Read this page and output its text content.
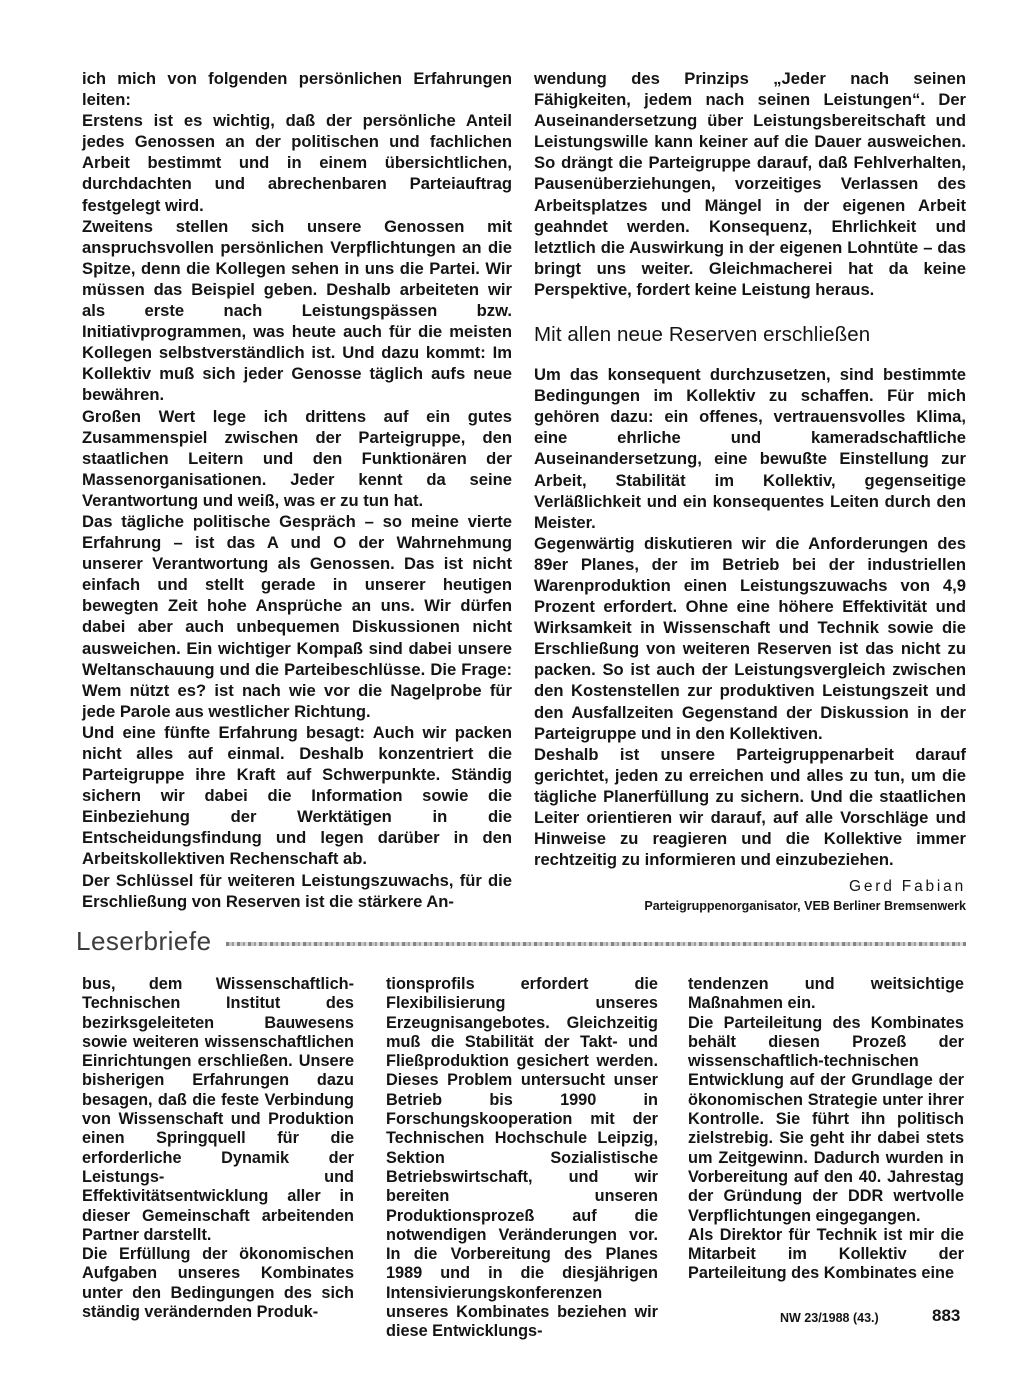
ich mich von folgenden persönlichen Erfahrungen leiten:

Erstens ist es wichtig, daß der persönliche Anteil jedes Genossen an der politischen und fachlichen Arbeit bestimmt und in einem übersichtlichen, durchdachten und abrechenbaren Parteiauftrag festgelegt wird.

Zweitens stellen sich unsere Genossen mit anspruchsvollen persönlichen Verpflichtungen an die Spitze, denn die Kollegen sehen in uns die Partei. Wir müssen das Beispiel geben. Deshalb arbeiteten wir als erste nach Leistungspässen bzw. Initiativprogrammen, was heute auch für die meisten Kollegen selbstverständlich ist. Und dazu kommt: Im Kollektiv muß sich jeder Genosse täglich aufs neue bewähren.

Großen Wert lege ich drittens auf ein gutes Zusammenspiel zwischen der Parteigruppe, den staatlichen Leitern und den Funktionären der Massenorganisationen. Jeder kennt da seine Verantwortung und weiß, was er zu tun hat.

Das tägliche politische Gespräch – so meine vierte Erfahrung – ist das A und O der Wahrnehmung unserer Verantwortung als Genossen. Das ist nicht einfach und stellt gerade in unserer heutigen bewegten Zeit hohe Ansprüche an uns. Wir dürfen dabei aber auch unbequemen Diskussionen nicht ausweichen. Ein wichtiger Kompaß sind dabei unsere Weltanschauung und die Parteibeschlüsse. Die Frage: Wem nützt es? ist nach wie vor die Nagelprobe für jede Parole aus westlicher Richtung.

Und eine fünfte Erfahrung besagt: Auch wir packen nicht alles auf einmal. Deshalb konzentriert die Parteigruppe ihre Kraft auf Schwerpunkte. Ständig sichern wir dabei die Information sowie die Einbeziehung der Werktätigen in die Entscheidungsfindung und legen darüber in den Arbeitskollektiven Rechenschaft ab.

Der Schlüssel für weiteren Leistungszuwachs, für die Erschließung von Reserven ist die stärkere An-

wendung des Prinzips „Jeder nach seinen Fähigkeiten, jedem nach seinen Leistungen“. Der Auseinandersetzung über Leistungsbereitschaft und Leistungswille kann keiner auf die Dauer ausweichen. So drängt die Parteigruppe darauf, daß Fehlverhalten, Pausenüberziehungen, vorzeitiges Verlassen des Arbeitsplatzes und Mängel in der eigenen Arbeit geahndet werden. Konsequenz, Ehrlichkeit und letztlich die Auswirkung in der eigenen Lohntüte – das bringt uns weiter. Gleichmacherei hat da keine Perspektive, fordert keine Leistung heraus.

Mit allen neue Reserven erschließen

Um das konsequent durchzusetzen, sind bestimmte Bedingungen im Kollektiv zu schaffen. Für mich gehören dazu: ein offenes, vertrauensvolles Klima, eine ehrliche und kameradschaftliche Auseinandersetzung, eine bewußte Einstellung zur Arbeit, Stabilität im Kollektiv, gegenseitige Verläßlichkeit und ein konsequentes Leiten durch den Meister.

Gegenwärtig diskutieren wir die Anforderungen des 89er Planes, der im Betrieb bei der industriellen Warenproduktion einen Leistungszuwachs von 4,9 Prozent erfordert. Ohne eine höhere Effektivität und Wirksamkeit in Wissenschaft und Technik sowie die Erschließung von weiteren Reserven ist das nicht zu packen. So ist auch der Leistungsvergleich zwischen den Kostenstellen zur produktiven Leistungszeit und den Ausfallzeiten Gegenstand der Diskussion in der Parteigruppe und in den Kollektiven.

Deshalb ist unsere Parteigruppenarbeit darauf gerichtet, jeden zu erreichen und alles zu tun, um die tägliche Planerfüllung zu sichern. Und die staatlichen Leiter orientieren wir darauf, auf alle Vorschläge und Hinweise zu reagieren und die Kollektive immer rechtzeitig zu informieren und einzubeziehen.

Gerd Fabian
Parteigruppenorganisator, VEB Berliner Bremsenwerk
Leserbriefe

bus, dem Wissenschaftlich-Technischen Institut des bezirksgeleiteten Bauwesens sowie weiteren wissenschaftlichen Einrichtungen erschließen. Unsere bisherigen Erfahrungen dazu besagen, daß die feste Verbindung von Wissenschaft und Produktion einen Springquell für die erforderliche Dynamik der Leistungs- und Effektivitätsentwicklung aller in dieser Gemeinschaft arbeitenden Partner darstellt.

Die Erfüllung der ökonomischen Aufgaben unseres Kombinates unter den Bedingungen des sich ständig verändernden Produk-

tionsprofils erfordert die Flexibilisierung unseres Erzeugnisangebotes. Gleichzeitig muß die Stabilität der Takt- und Fließproduktion gesichert werden. Dieses Problem untersucht unser Betrieb bis 1990 in Forschungskooperation mit der Technischen Hochschule Leipzig, Sektion Sozialistische Betriebswirtschaft, und wir bereiten unseren Produktionsprozeß auf die notwendigen Veränderungen vor. In die Vorbereitung des Planes 1989 und in die diesjährigen Intensivierungskonferenzen unseres Kombinates beziehen wir diese Entwicklungs-

tendenzen und weitsichtige Maßnahmen ein.

Die Parteileitung des Kombinates behält diesen Prozeß der wissenschaftlich-technischen Entwicklung auf der Grundlage der ökonomischen Strategie unter ihrer Kontrolle. Sie führt ihn politisch zielstrebig. Sie geht ihr dabei stets um Zeitgewinn. Dadurch wurden in Vorbereitung auf den 40. Jahrestag der Gründung der DDR wertvolle Verpflichtungen eingegangen.

Als Direktor für Technik ist mir die Mitarbeit im Kollektiv der Parteileitung des Kombinates eine

NW 23/1988 (43.)	883
